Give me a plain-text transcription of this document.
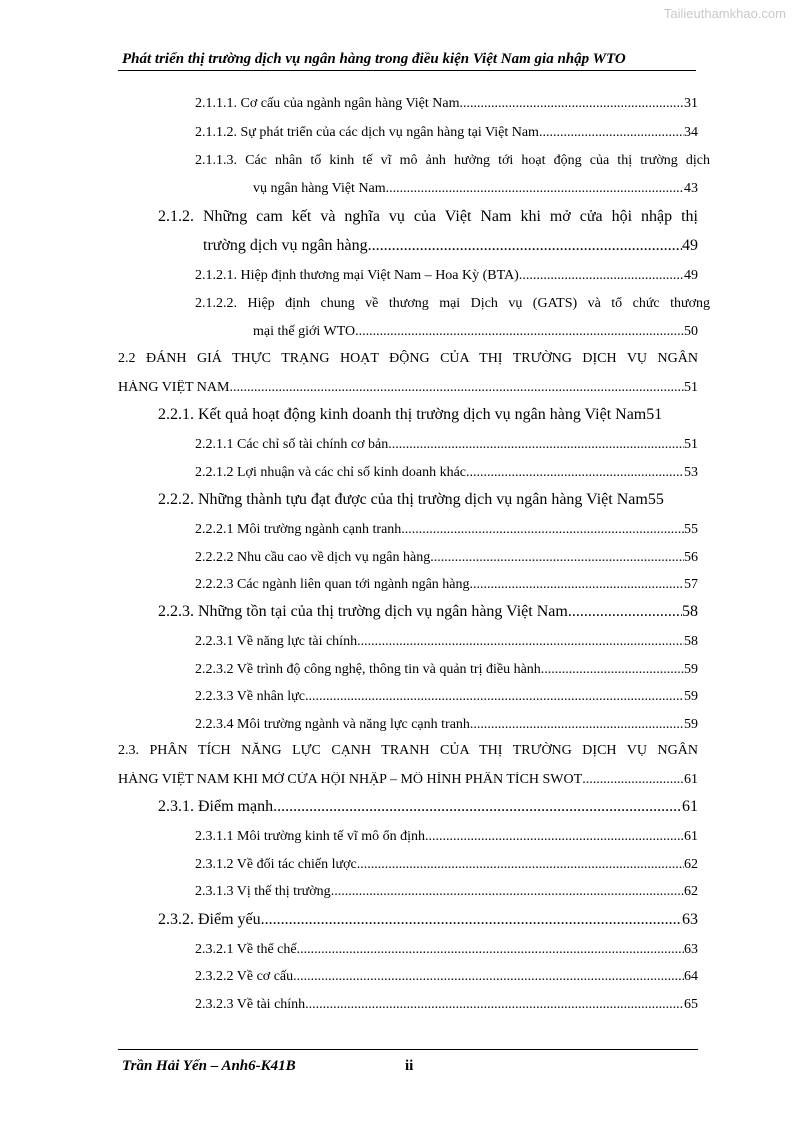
Tailieuthamkhao.com
Phát triển thị trường dịch vụ ngân hàng trong điều kiện Việt Nam gia nhập WTO
2.1.1.1. Cơ cấu của ngành ngân hàng Việt Nam .....	31
2.1.1.2. Sự phát triển của các dịch vụ ngân hàng tại Việt Nam .....	34
2.1.1.3. Các nhân tố kinh tế vĩ mô ảnh hưởng tới hoạt động của thị trường dịch
vụ ngân hàng Việt Nam .....	43
2.1.2. Những cam kết và nghĩa vụ của Việt Nam khi mở cửa hội nhập thị
trường dịch vụ ngân hàng .....	49
2.1.2.1. Hiệp định thương mại Việt Nam – Hoa Kỳ (BTA) .....	49
2.1.2.2. Hiệp định chung về thương mại Dịch vụ (GATS) và tổ chức thương
mại thế giới WTO .....	50
2.2 ĐÁNH GIÁ THỰC TRẠNG HOẠT ĐỘNG CỦA THỊ TRƯỜNG DỊCH VỤ NGÂN
HÀNG VIỆT NAM .....	51
2.2.1. Kết quả hoạt động kinh doanh thị trường dịch vụ ngân hàng Việt Nam51
2.2.1.1 Các chỉ số tài chính cơ bản .....	51
2.2.1.2 Lợi nhuận và các chỉ số kinh doanh khác .....	53
2.2.2. Những thành tựu đạt được của thị trường dịch vụ ngân hàng Việt Nam55
2.2.2.1 Môi trường ngành cạnh tranh .....	55
2.2.2.2 Nhu cầu cao về dịch vụ ngân hàng .....	56
2.2.2.3 Các ngành liên quan tới ngành ngân hàng .....	57
2.2.3. Những tồn tại của thị trường dịch vụ ngân hàng Việt Nam .....	58
2.2.3.1 Về năng lực tài chính .....	58
2.2.3.2 Về trình độ công nghệ, thông tin và quản trị điều hành .....	59
2.2.3.3 Về nhân lực .....	59
2.2.3.4 Môi trường ngành và năng lực cạnh tranh .....	59
2.3. PHÂN TÍCH NĂNG LỰC CẠNH TRANH CỦA THỊ TRƯỜNG DỊCH VỤ NGÂN
HÀNG VIỆT NAM KHI MỞ CỬA HỘI NHẬP – MÔ HÌNH PHÂN TÍCH SWOT .....	61
2.3.1. Điểm mạnh .....	61
2.3.1.1 Môi trường kinh tế vĩ mô ổn định .....	61
2.3.1.2 Về đối tác chiến lược .....	62
2.3.1.3 Vị thế thị trường .....	62
2.3.2. Điểm yếu .....	63
2.3.2.1 Về thể chế .....	63
2.3.2.2 Về cơ cấu .....	64
2.3.2.3 Về tài chính .....	65
Trần Hải Yến – Anh6-K41B	ii
